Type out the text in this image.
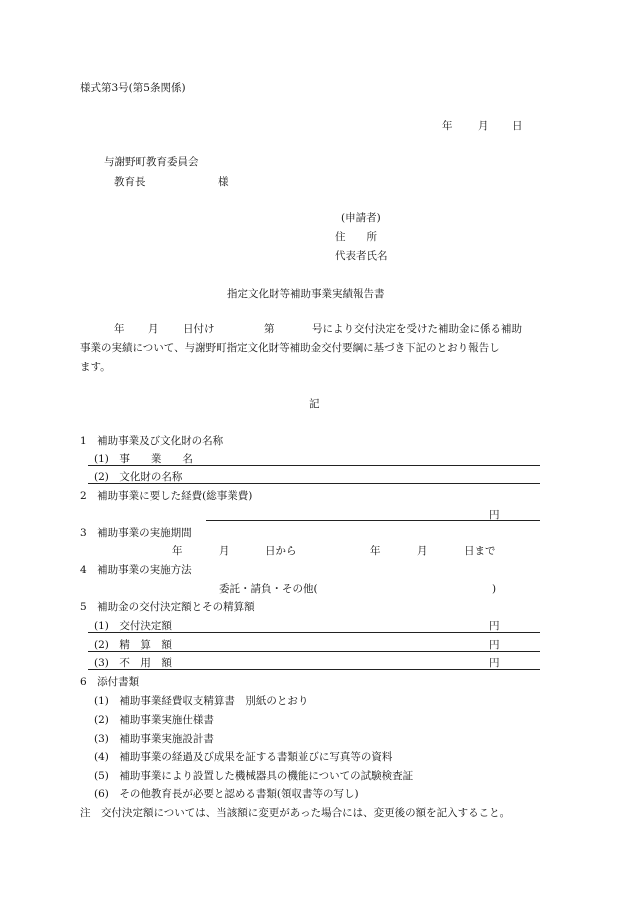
様式第3号(第5条関係)
年 月 日
与謝野町教育委員会
教育長	様
(申請者)
住　　所
代表者氏名
指定文化財等補助事業実績報告書
年 月 日付け	第	号により交付決定を受けた補助金に係る補助
事業の実績について、与謝野町指定文化財等補助金交付要綱に基づき下記のとおり報告し
ます。
記
1　補助事業及び文化財の名称
(1)　事　　業　　名
(2)　文化財の名称
2　補助事業に要した経費(総事業費)
円
3　補助事業の実施期間
年	月	日から	年	月	日まで
4　補助事業の実施方法
委託・請負・その他(	)
5　補助金の交付決定額とその精算額
(1)　交付決定額	円
(2)　精　算　額	円
(3)　不　用　額	円
6　添付書類
(1)　補助事業経費収支精算書　別紙のとおり
(2)　補助事業実施仕様書
(3)　補助事業実施設計書
(4)　補助事業の経過及び成果を証する書類並びに写真等の資料
(5)　補助事業により設置した機械器具の機能についての試験検査証
(6)　その他教育長が必要と認める書類(領収書等の写し)
注　交付決定額については、当該額に変更があった場合には、変更後の額を記入すること。
